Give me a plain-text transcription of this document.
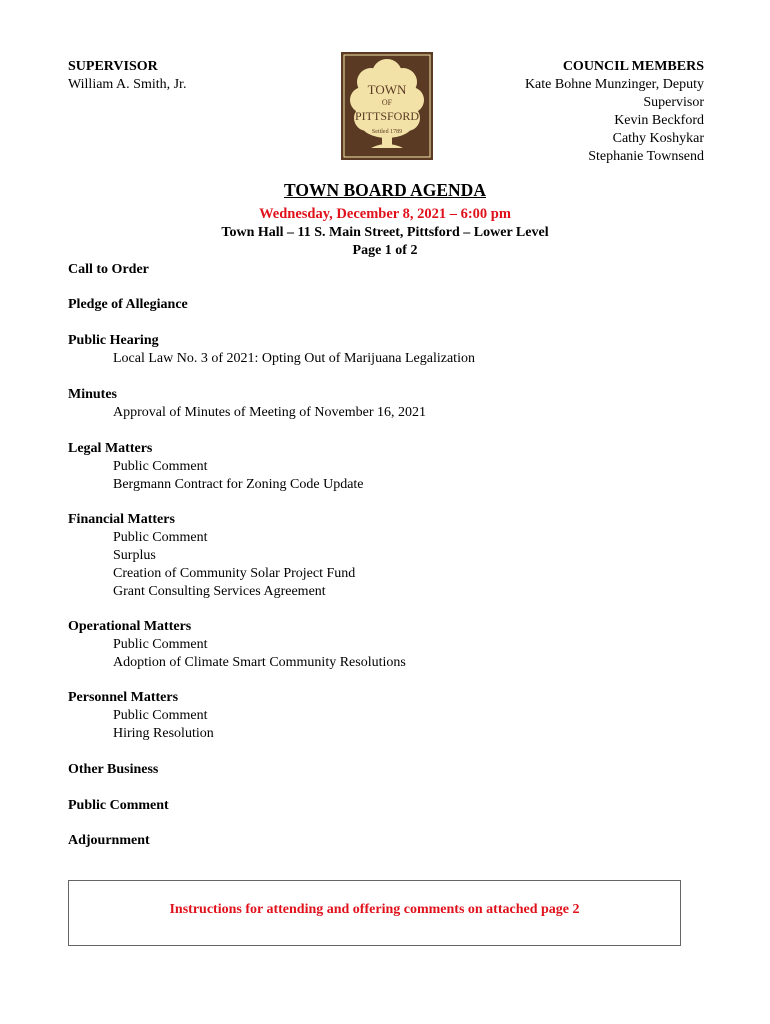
SUPERVISOR
William A. Smith, Jr.	TOWN
OF
PITTSFORD
Settled 1789
COUNCIL MEMBERS
Kate Bohne Munzinger, Deputy
Supervisor
Kevin Beckford
Cathy Koshykar
Stephanie Townsend
TOWN BOARD AGENDA
Wednesday, December 8, 2021 – 6:00 pm
Town Hall – 11 S. Main Street, Pittsford – Lower Level
Page 1 of 2
Call to Order
Pledge of Allegiance
Public Hearing
Local Law No. 3 of 2021: Opting Out of Marijuana Legalization
Minutes
Approval of Minutes of Meeting of November 16, 2021
Legal Matters
Public Comment
Bergmann Contract for Zoning Code Update
Financial Matters
Public Comment
Surplus
Creation of Community Solar Project Fund
Grant Consulting Services Agreement
Operational Matters
Public Comment
Adoption of Climate Smart Community Resolutions
Personnel Matters
Public Comment
Hiring Resolution
Other Business
Public Comment
Adjournment
Instructions for attending and offering comments on attached page 2
